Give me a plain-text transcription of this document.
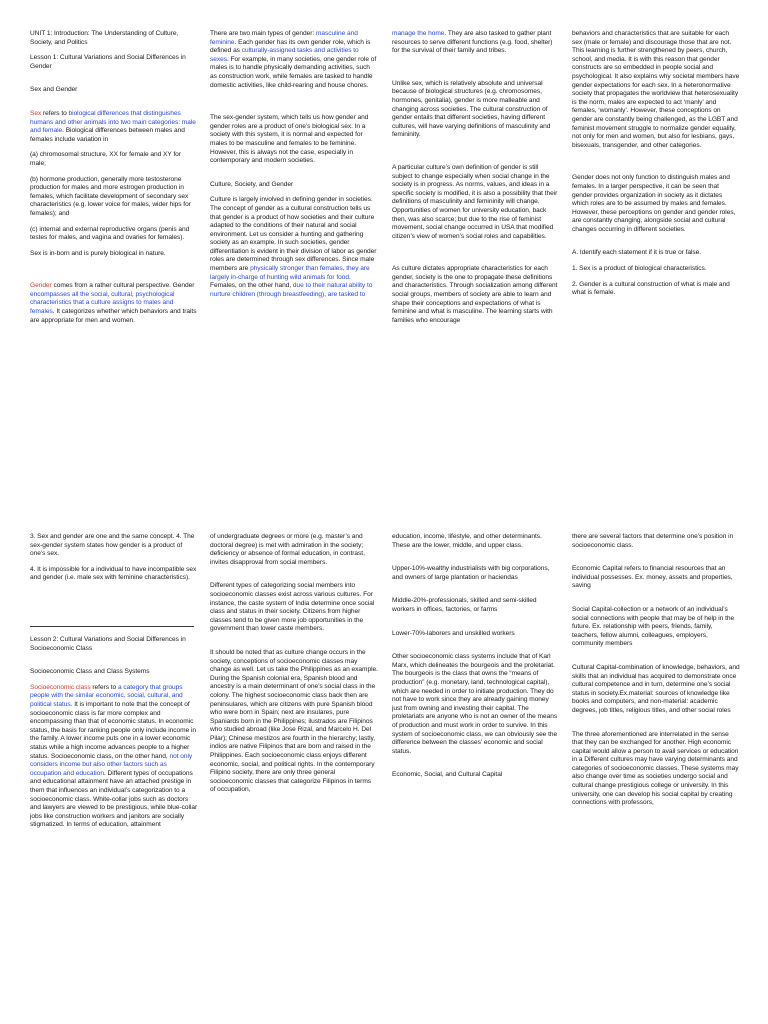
UNIT 1: Introduction: The Understanding of Culture, Society, and Politics

Lesson 1: Cultural Variations and Social Differences in Gender

Sex and Gender

Sex refers to biological differences that distinguishes humans and other animals into two main categories: male and female. Biological differences between males and females include variation in

(a) chromosomal structure, XX for female and XY for male;

(b) hormone production, generally more testosterone production for males and more estrogen production in females, which facilitate development of secondary sex characteristics (e.g. lower voice for males, wider hips for females); and

(c) internal and external reproductive organs (penis and testes for males, and vagina and ovaries for females).

Sex is in-born and is purely biological in nature.

Gender comes from a rather cultural perspective. Gender encompasses all the social, cultural, psychological characteristics that a culture assigns to males and females. It categorizes whether which behaviors and traits are appropriate for men and women.

There are two main types of gender: masculine and feminine. Each gender has its own gender role, which is defined as culturally-assigned tasks and activities to sexes. For example, in many societies, one gender role of males is to handle physically demanding activities, such as construction work, while females are tasked to handle domestic activities, like child-rearing and house chores.

The sex-gender system, which tells us how gender and gender roles are a product of one’s biological sex. In a society with this system, it is normal and expected for males to be masculine and females to be feminine. However, this is always not the case, especially in contemporary and modern societies.

Culture, Society, and Gender

Culture is largely involved in defining gender in societies. The concept of gender as a cultural construction tells us that gender is a product of how societies and their culture adapted to the conditions of their natural and social environment. Let us consider a hunting and gathering society as an example. In such societies, gender differentiation is evident in their division of labor as gender roles are determined through sex differences. Since male members are physically stronger than females, they are largely in-charge of hunting wild animals for food. Females, on the other hand, due to their natural ability to nurture children (through breastfeeding), are tasked to

manage the home. They are also tasked to gather plant resources to serve different functions (e.g. food, shelter) for the survival of their family and tribes.

Unlike sex, which is relatively absolute and universal because of biological structures (e.g. chromosomes, hormones, genitalia), gender is more malleable and changing across societies. The cultural construction of gender entails that different societies, having different cultures, will have varying definitions of masculinity and femininity.

A particular culture’s own definition of gender is still subject to change especially when social change in the society is in progress. As norms, values, and ideas in a specific society is modified, it is also a possibility that their definitions of masculinity and femininity will change. Opportunities of women for university education, back then, was also scarce; but due to the rise of feminist movement, social change occurred in USA that modified citizen’s view of women’s social roles and capabilities.

As culture dictates appropriate characteristics for each gender, society is the one to propagate these definitions and characteristics. Through socialization among different social groups, members of society are able to learn and shape their conceptions and expectations of what is feminine and what is masculine. The learning starts with families who encourage

behaviors and characteristics that are suitable for each sex (male or female) and discourage those that are not. This learning is further strengthened by peers, church, school, and media. It is with this reason that gender constructs are so embedded in people social and psychological. It also explains why societal members have gender expectations for each sex. In a heteronormative society that propagates the worldview that heterosexuality is the norm, males are expected to act ‘manly’ and females, ‘womanly’. However, these conceptions on gender are constantly being challenged, as the LGBT and feminist movement struggle to normalize gender equality, not only for men and women, but also for lesbians, gays, bisexuals, transgender, and other categories.

Gender does not only function to distinguish males and females. In a larger perspective, it can be seen that gender provides organization in society as it dictates which roles are to be assumed by males and females. However, these perceptions on gender and gender roles, are constantly changing, alongside social and cultural changes occurring in different societies.

A. Identify each statement if it is true or false.

1. Sex is a product of biological characteristics.

2. Gender is a cultural construction of what is male and what is female.

3. Sex and gender are one and the same concept. 4. The sex-gender system states how gender is a product of one’s sex.

4. It is impossible for a individual to have incompatible sex and gender (i.e. male sex with feminine characteristics).

Lesson 2: Cultural Variations and Social Differences in Socioeconomic Class

Socioeconomic Class and Class Systems

Socioeconomic class refers to a category that groups people with the similar economic, social, cultural, and political status. It is important to note that the concept of socioeconomic class is far more complex and encompassing than that of economic status. In economic status, the basis for ranking people only include income in the family. A lower income puts one in a lower economic status while a high income advances people to a higher status. Socioeconomic class, on the other hand, not only considers income but also other factors such as occupation and education. Different types of occupations and educational attainment have an attached prestige in them that influences an individual’s categorization to a socioeconomic class. White-collar jobs such as doctors and lawyers are viewed to be prestigious, while blue-collar jobs like construction workers and janitors are socially stigmatized. In terms of education, attainment

of undergraduate degrees or more (e.g. master’s and doctoral degree) is met with admiration in the society; deficiency or absence of formal education, in contrast, invites disapproval from social members.

Different types of categorizing social members into socioeconomic classes exist across various cultures. For instance, the caste system of India determine once social class and status in their society. Citizens from higher classes tend to be given more job opportunities in the government than lower caste members.

It should be noted that as culture change occurs in the society, conceptions of socioeconomic classes may change as well. Let us take the Philippines as an example. During the Spanish colonial era, Spanish blood and ancestry is a main determinant of one’s social class in the colony. The highest socioeconomic class back then are peninsulares, which are citizens with pure Spanish blood who were born in Spain; next are insulares, pure Spaniards born in the Philippines; ilustrados are Filipinos who studied abroad (like Jose Rizal, and Marcelo H. Del Pilar); Chinese mestizos are fourth in the hierarchy; lastly, indios are native Filipinos that are born and raised in the Philippines. Each socioeconomic class enjoys different economic, social, and political rights. In the contemporary Filipino society, there are only three general socioeconomic classes that categorize Filipinos in terms of occupation,

education, income, lifestyle, and other determinants. These are the lower, middle, and upper class.

Upper-10%-wealthy industrialists with big corporations, and owners of large plantation or haciendas

Middle-20%-professionals, skilled and semi-skilled workers in offices, factories, or farms

Lower-70%-laborers and unskilled workers

Other socioeconomic class systems include that of Karl Marx, which delineates the bourgeois and the proletariat. The bourgeois is the class that owns the “means of production” (e.g. monetary, land, technological capital), which are needed in order to initiate production. They do not have to work since they are already gaining money just from owning and investing their capital. The proletariats are anyone who is not an owner of the means of production and must work in order to survive. In this system of socioeconomic class, we can obviously see the difference between the classes’ economic and social status.

Economic, Social, and Cultural Capital

there are several factors that determine one’s position in socioeconomic class.

Economic Capital refers to financial resources that an individual possesses. Ex. money, assets and properties, saving

Social Capital-collection or a network of an individual’s social connections with people that may be of help in the future. Ex. relationship with peers, friends, family, teachers, fellow alumni, colleagues, employers, community members

Cultural Capital-combination of knowledge, behaviors, and skills that an individual has acquired to demonstrate once cultural competence and in turn, determine one’s social status in society.Ex.material: sources of knowledge like books and computers, and non-material: academic degrees, job titles, religious titles, and other social roles

The three aforementioned are interrelated in the sense that they can be exchanged for another. High economic capital would allow a person to avail services or education in a Different cultures may have varying determinants and categories of socioeconomic classes. These systems may also change over time as societies undergo social and cultural change prestigious college or university. In this university, one can develop his social capital by creating connections with professors,
